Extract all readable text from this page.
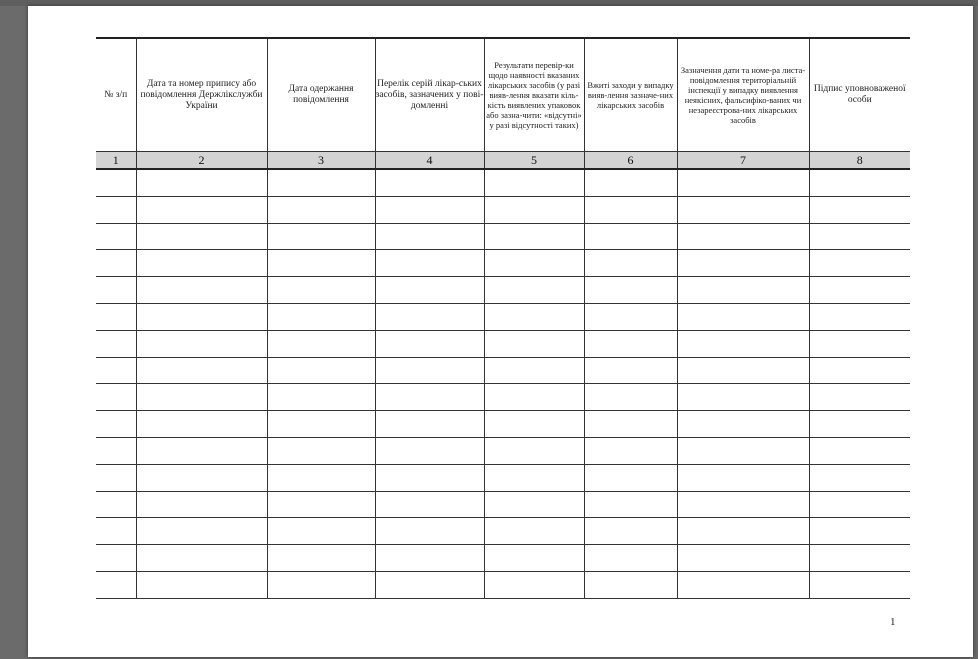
№ з/п	Дата та номер припису або повідомлення Держлікслужби України	Дата одержання повідомлення	Перелік серій лікар-ських засобів, зазначених у пові-домленні	Результати перевір-ки щодо наявності вказаних лікарських засобів (у разі вияв-лення вказати кіль-кість виявлених упаковок або зазна-чити: «відсутні» у разі відсутності таких)	Вжиті заходи у випадку вияв-лення зазначе-них лікарських засобів	Зазначення дати та номе-ра листа-повідомлення територіальній інспекції у випадку виявлення неякісних, фальсифіко-ваних чи незареєстрова-них лікарських засобів	Підпис уповноваженої особи
1	2	3	4	5	6	7	8

1
